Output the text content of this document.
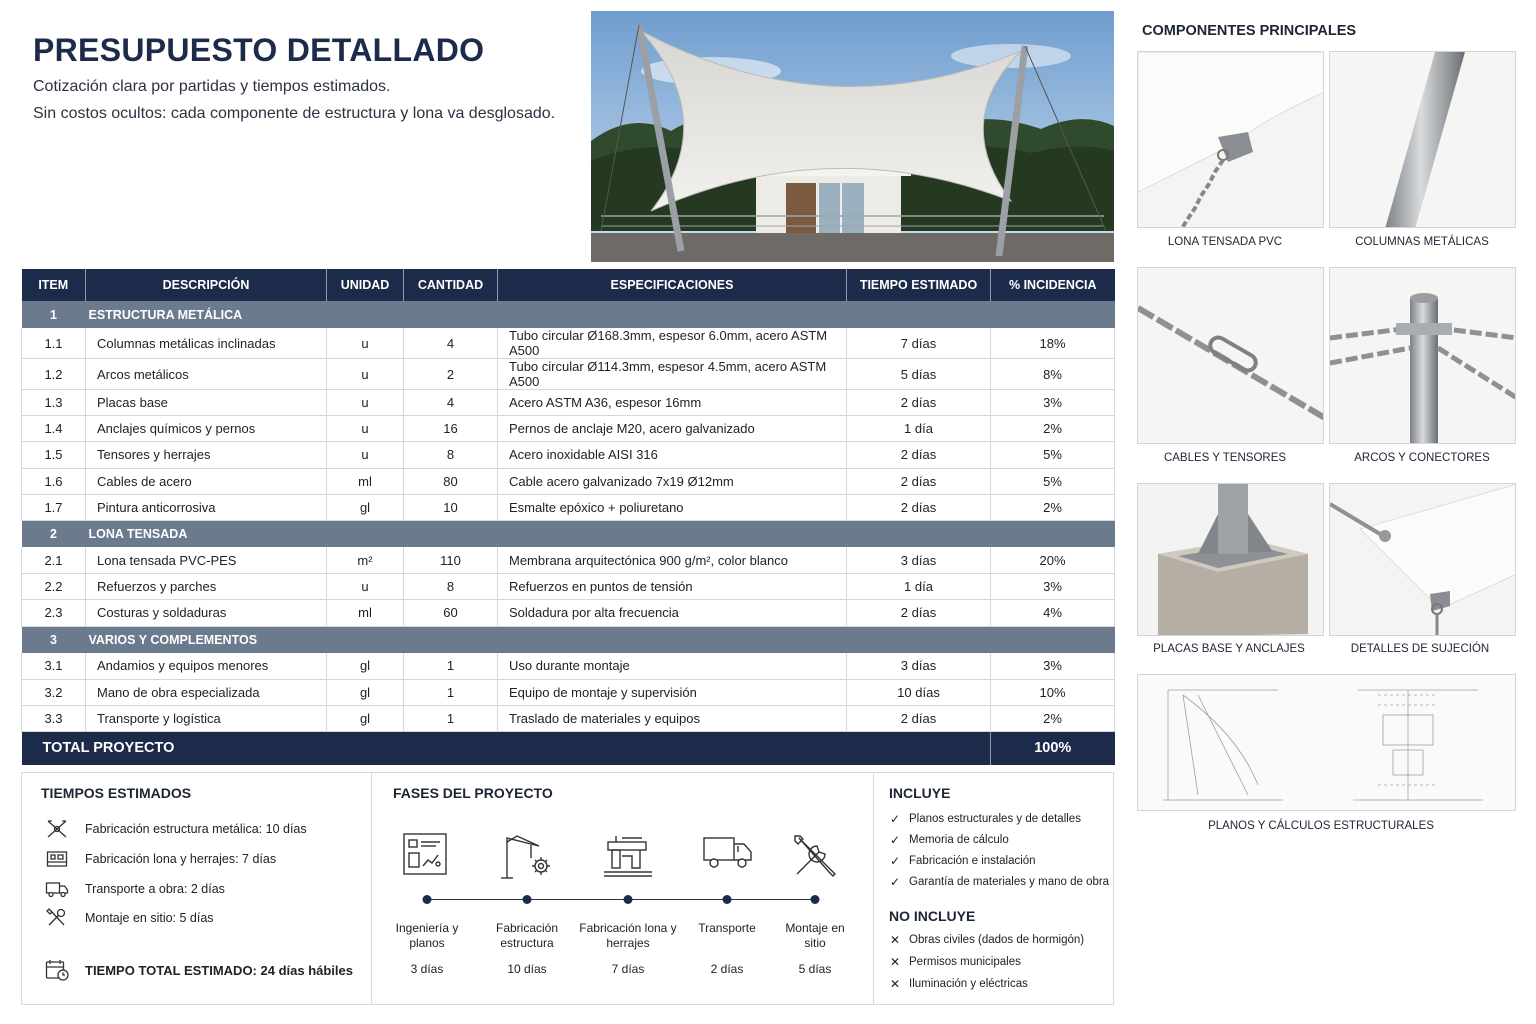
PRESUPUESTO DETALLADO
Cotización clara por partidas y tiempos estimados.
Sin costos ocultos: cada componente de estructura y lona va desglosado.
ITEM	DESCRIPCIÓN	UNIDAD	CANTIDAD	ESPECIFICACIONES	TIEMPO ESTIMADO	% INCIDENCIA
1	ESTRUCTURA METÁLICA					
1.1	Columnas metálicas inclinadas	u	4	Tubo circular Ø168.3mm, espesor 6.0mm, acero ASTM A500	7 días	18%
1.2	Arcos metálicos	u	2	Tubo circular Ø114.3mm, espesor 4.5mm, acero ASTM A500	5 días	8%
1.3	Placas base	u	4	Acero ASTM A36, espesor 16mm	2 días	3%
1.4	Anclajes químicos y pernos	u	16	Pernos de anclaje M20, acero galvanizado	1 día	2%
1.5	Tensores y herrajes	u	8	Acero inoxidable AISI 316	2 días	5%
1.6	Cables de acero	ml	80	Cable acero galvanizado 7x19 Ø12mm	2 días	5%
1.7	Pintura anticorrosiva	gl	10	Esmalte epóxico + poliuretano	2 días	2%
2	LONA TENSADA					
2.1	Lona tensada PVC-PES	m²	110	Membrana arquitectónica 900 g/m², color blanco	3 días	20%
2.2	Refuerzos y parches	u	8	Refuerzos en puntos de tensión	1 día	3%
2.3	Costuras y soldaduras	ml	60	Soldadura por alta frecuencia	2 días	4%
3	VARIOS Y COMPLEMENTOS					
3.1	Andamios y equipos menores	gl	1	Uso durante montaje	3 días	3%
3.2	Mano de obra especializada	gl	1	Equipo de montaje y supervisión	10 días	10%
3.3	Transporte y logística	gl	1	Traslado de materiales y equipos	2 días	2%
TOTAL PROYECTO						100%
TIEMPOS ESTIMADOS
Fabricación estructura metálica: 10 días
Fabricación lona y herrajes: 7 días
Transporte a obra: 2 días
Montaje en sitio: 5 días
TIEMPO TOTAL ESTIMADO: 24 días hábiles
FASES DEL PROYECTO
Ingeniería y planos
Fabricación estructura
Fabricación lona y herrajes
Transporte	Montaje en sitio
3 días	10 días	7 días	2 días	5 días
INCLUYE
✓ Planos estructurales y de detalles
✓ Memoria de cálculo
✓ Fabricación e instalación
✓ Garantía de materiales y mano de obra
NO INCLUYE
✕ Obras civiles (dados de hormigón)
✕ Permisos municipales
✕ Iluminación y eléctricas
COMPONENTES PRINCIPALES
LONA TENSADA PVC	COLUMNAS METÁLICAS
CABLES Y TENSORES	ARCOS Y CONECTORES
PLACAS BASE Y ANCLAJES	DETALLES DE SUJECIÓN
PLANOS Y CÁLCULOS ESTRUCTURALES
